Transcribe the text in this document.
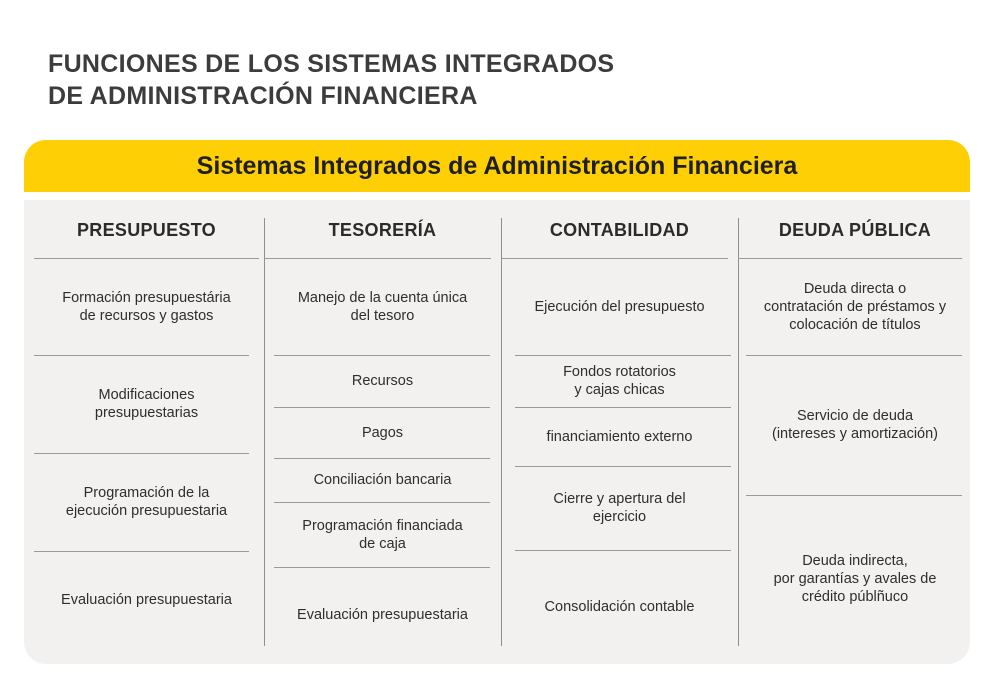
FUNCIONES DE LOS SISTEMAS INTEGRADOS
DE ADMINISTRACIÓN FINANCIERA
Sistemas Integrados de Administración Financiera
PRESUPUESTO
Formación presupuestária
de recursos y gastos
Modificaciones
presupuestarias
Programación de la
ejecución presupuestaria
Evaluación presupuestaria
TESORERÍA
Manejo de la cuenta única
del tesoro
Recursos
Pagos
Conciliación bancaria
Programación financiada
de caja
Evaluación presupuestaria
CONTABILIDAD
Ejecución del presupuesto
Fondos rotatorios
y cajas chicas
financiamiento externo
Cierre y apertura del
ejercicio
Consolidación contable
DEUDA PÚBLICA
Deuda directa o
contratación de préstamos y
colocación de títulos
Servicio de deuda
(intereses y amortización)
Deuda indirecta,
por garantías y avales de
crédito públñuco
